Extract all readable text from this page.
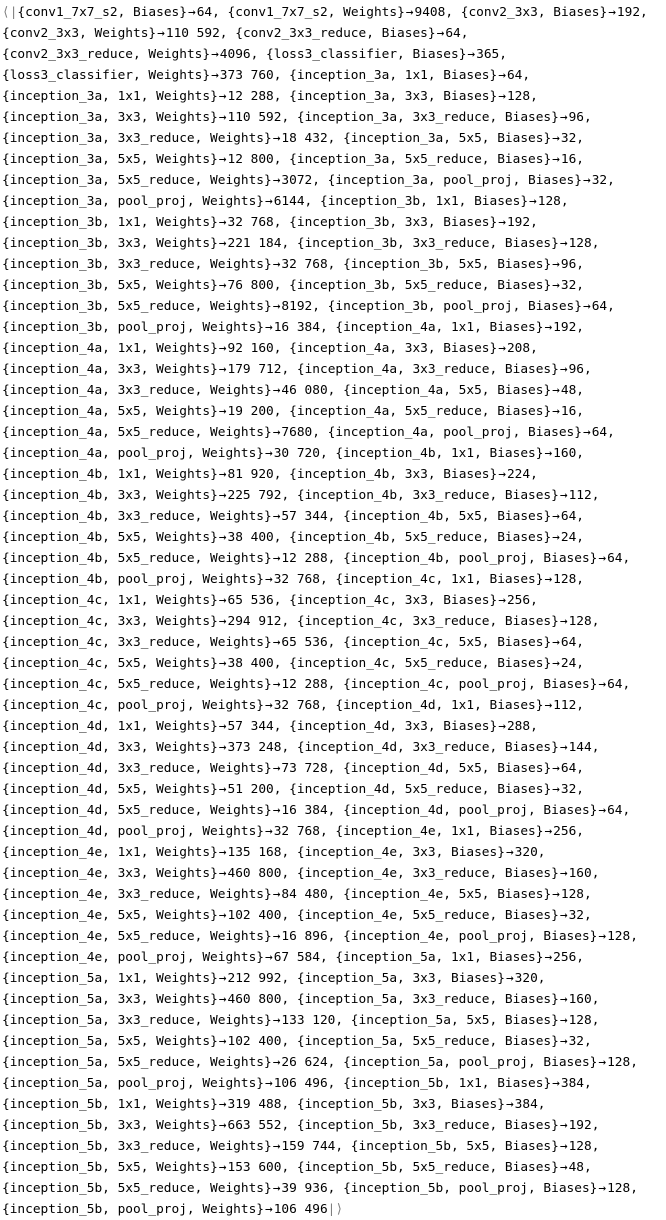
⟨|{conv1_7x7_s2, Biases}→64, {conv1_7x7_s2, Weights}→9408, {conv2_3x3, Biases}→192,
{conv2_3x3, Weights}→110 592, {conv2_3x3_reduce, Biases}→64,
{conv2_3x3_reduce, Weights}→4096, {loss3_classifier, Biases}→365,
{loss3_classifier, Weights}→373 760, {inception_3a, 1x1, Biases}→64,
{inception_3a, 1x1, Weights}→12 288, {inception_3a, 3x3, Biases}→128,
{inception_3a, 3x3, Weights}→110 592, {inception_3a, 3x3_reduce, Biases}→96,
{inception_3a, 3x3_reduce, Weights}→18 432, {inception_3a, 5x5, Biases}→32,
{inception_3a, 5x5, Weights}→12 800, {inception_3a, 5x5_reduce, Biases}→16,
{inception_3a, 5x5_reduce, Weights}→3072, {inception_3a, pool_proj, Biases}→32,
{inception_3a, pool_proj, Weights}→6144, {inception_3b, 1x1, Biases}→128,
{inception_3b, 1x1, Weights}→32 768, {inception_3b, 3x3, Biases}→192,
{inception_3b, 3x3, Weights}→221 184, {inception_3b, 3x3_reduce, Biases}→128,
{inception_3b, 3x3_reduce, Weights}→32 768, {inception_3b, 5x5, Biases}→96,
{inception_3b, 5x5, Weights}→76 800, {inception_3b, 5x5_reduce, Biases}→32,
{inception_3b, 5x5_reduce, Weights}→8192, {inception_3b, pool_proj, Biases}→64,
{inception_3b, pool_proj, Weights}→16 384, {inception_4a, 1x1, Biases}→192,
{inception_4a, 1x1, Weights}→92 160, {inception_4a, 3x3, Biases}→208,
{inception_4a, 3x3, Weights}→179 712, {inception_4a, 3x3_reduce, Biases}→96,
{inception_4a, 3x3_reduce, Weights}→46 080, {inception_4a, 5x5, Biases}→48,
{inception_4a, 5x5, Weights}→19 200, {inception_4a, 5x5_reduce, Biases}→16,
{inception_4a, 5x5_reduce, Weights}→7680, {inception_4a, pool_proj, Biases}→64,
{inception_4a, pool_proj, Weights}→30 720, {inception_4b, 1x1, Biases}→160,
{inception_4b, 1x1, Weights}→81 920, {inception_4b, 3x3, Biases}→224,
{inception_4b, 3x3, Weights}→225 792, {inception_4b, 3x3_reduce, Biases}→112,
{inception_4b, 3x3_reduce, Weights}→57 344, {inception_4b, 5x5, Biases}→64,
{inception_4b, 5x5, Weights}→38 400, {inception_4b, 5x5_reduce, Biases}→24,
{inception_4b, 5x5_reduce, Weights}→12 288, {inception_4b, pool_proj, Biases}→64,
{inception_4b, pool_proj, Weights}→32 768, {inception_4c, 1x1, Biases}→128,
{inception_4c, 1x1, Weights}→65 536, {inception_4c, 3x3, Biases}→256,
{inception_4c, 3x3, Weights}→294 912, {inception_4c, 3x3_reduce, Biases}→128,
{inception_4c, 3x3_reduce, Weights}→65 536, {inception_4c, 5x5, Biases}→64,
{inception_4c, 5x5, Weights}→38 400, {inception_4c, 5x5_reduce, Biases}→24,
{inception_4c, 5x5_reduce, Weights}→12 288, {inception_4c, pool_proj, Biases}→64,
{inception_4c, pool_proj, Weights}→32 768, {inception_4d, 1x1, Biases}→112,
{inception_4d, 1x1, Weights}→57 344, {inception_4d, 3x3, Biases}→288,
{inception_4d, 3x3, Weights}→373 248, {inception_4d, 3x3_reduce, Biases}→144,
{inception_4d, 3x3_reduce, Weights}→73 728, {inception_4d, 5x5, Biases}→64,
{inception_4d, 5x5, Weights}→51 200, {inception_4d, 5x5_reduce, Biases}→32,
{inception_4d, 5x5_reduce, Weights}→16 384, {inception_4d, pool_proj, Biases}→64,
{inception_4d, pool_proj, Weights}→32 768, {inception_4e, 1x1, Biases}→256,
{inception_4e, 1x1, Weights}→135 168, {inception_4e, 3x3, Biases}→320,
{inception_4e, 3x3, Weights}→460 800, {inception_4e, 3x3_reduce, Biases}→160,
{inception_4e, 3x3_reduce, Weights}→84 480, {inception_4e, 5x5, Biases}→128,
{inception_4e, 5x5, Weights}→102 400, {inception_4e, 5x5_reduce, Biases}→32,
{inception_4e, 5x5_reduce, Weights}→16 896, {inception_4e, pool_proj, Biases}→128,
{inception_4e, pool_proj, Weights}→67 584, {inception_5a, 1x1, Biases}→256,
{inception_5a, 1x1, Weights}→212 992, {inception_5a, 3x3, Biases}→320,
{inception_5a, 3x3, Weights}→460 800, {inception_5a, 3x3_reduce, Biases}→160,
{inception_5a, 3x3_reduce, Weights}→133 120, {inception_5a, 5x5, Biases}→128,
{inception_5a, 5x5, Weights}→102 400, {inception_5a, 5x5_reduce, Biases}→32,
{inception_5a, 5x5_reduce, Weights}→26 624, {inception_5a, pool_proj, Biases}→128,
{inception_5a, pool_proj, Weights}→106 496, {inception_5b, 1x1, Biases}→384,
{inception_5b, 1x1, Weights}→319 488, {inception_5b, 3x3, Biases}→384,
{inception_5b, 3x3, Weights}→663 552, {inception_5b, 3x3_reduce, Biases}→192,
{inception_5b, 3x3_reduce, Weights}→159 744, {inception_5b, 5x5, Biases}→128,
{inception_5b, 5x5, Weights}→153 600, {inception_5b, 5x5_reduce, Biases}→48,
{inception_5b, 5x5_reduce, Weights}→39 936, {inception_5b, pool_proj, Biases}→128,
{inception_5b, pool_proj, Weights}→106 496|⟩
